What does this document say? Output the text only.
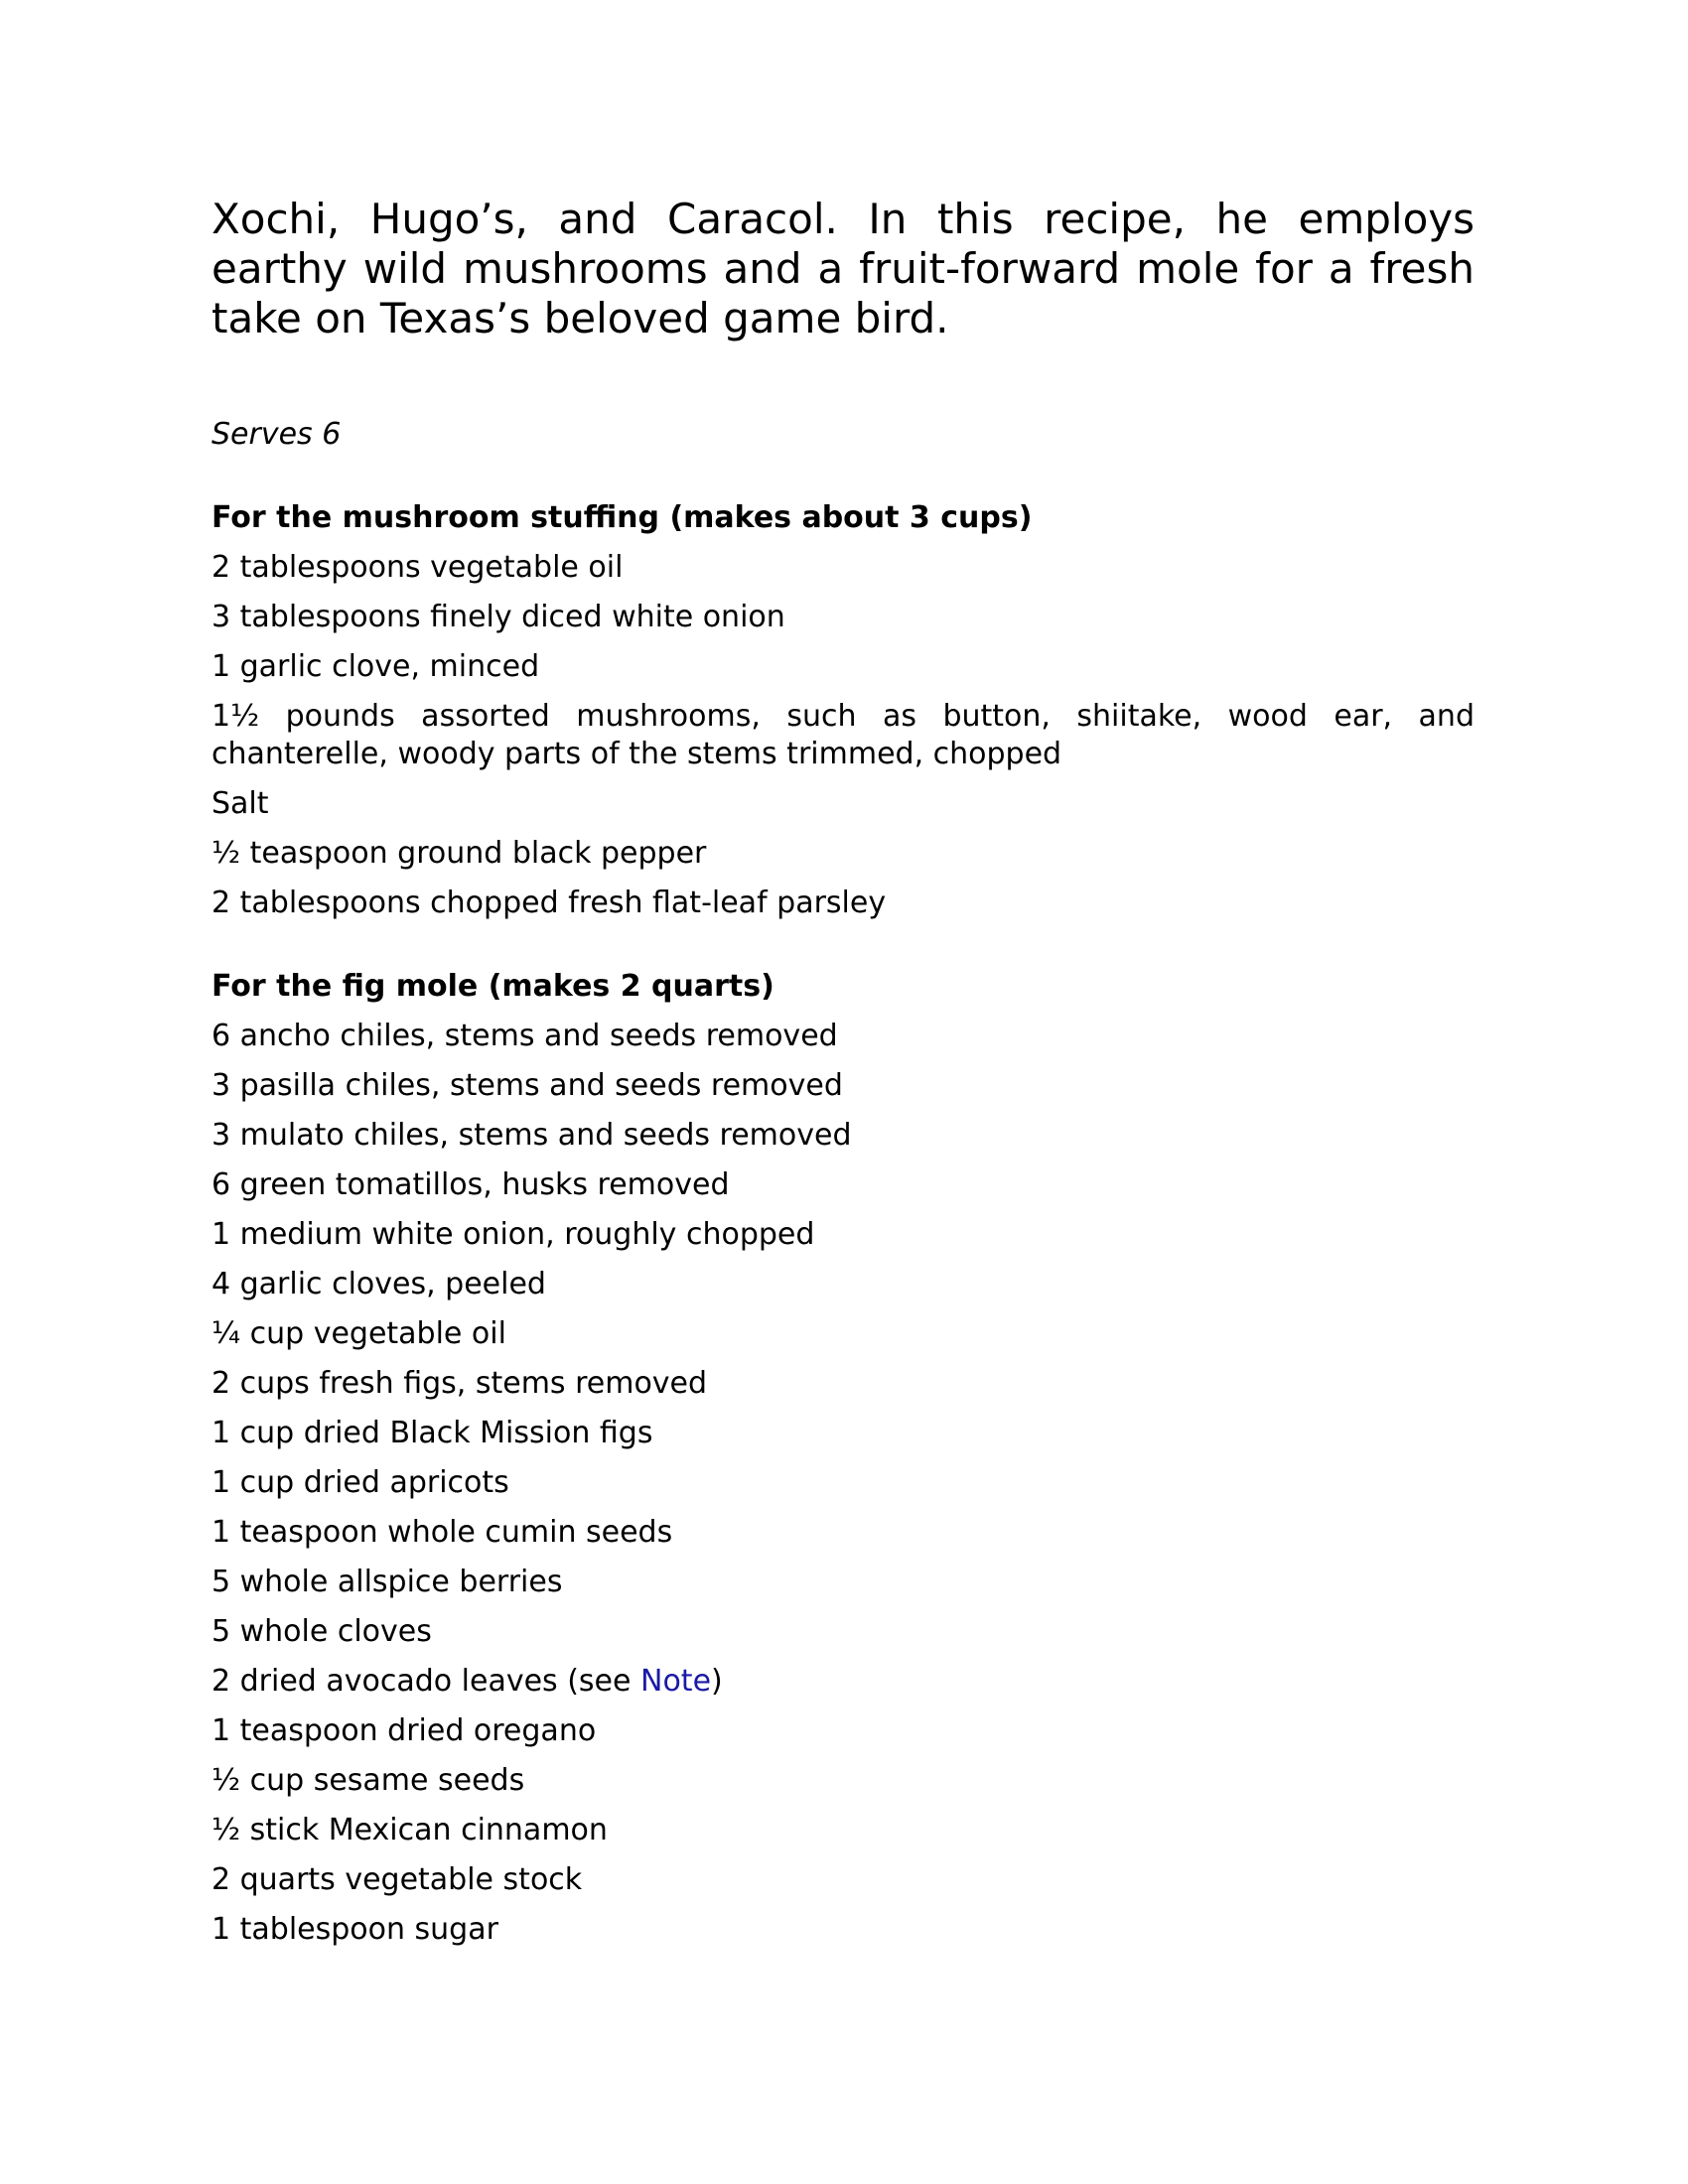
Xochi, Hugo’s, and Caracol. In this recipe, he employs earthy wild mushrooms and a fruit-forward mole for a fresh take on Texas’s beloved game bird.

Serves 6

For the mushroom stuffing (makes about 3 cups)
2 tablespoons vegetable oil
3 tablespoons finely diced white onion
1 garlic clove, minced
1½ pounds assorted mushrooms, such as button, shiitake, wood ear, and chanterelle, woody parts of the stems trimmed, chopped
Salt
½ teaspoon ground black pepper
2 tablespoons chopped fresh flat-leaf parsley
For the fig mole (makes 2 quarts)
6 ancho chiles, stems and seeds removed
3 pasilla chiles, stems and seeds removed
3 mulato chiles, stems and seeds removed
6 green tomatillos, husks removed
1 medium white onion, roughly chopped
4 garlic cloves, peeled
¼ cup vegetable oil
2 cups fresh figs, stems removed
1 cup dried Black Mission figs
1 cup dried apricots
1 teaspoon whole cumin seeds
5 whole allspice berries
5 whole cloves
2 dried avocado leaves (see Note)
1 teaspoon dried oregano
½ cup sesame seeds
½ stick Mexican cinnamon
2 quarts vegetable stock
1 tablespoon sugar
